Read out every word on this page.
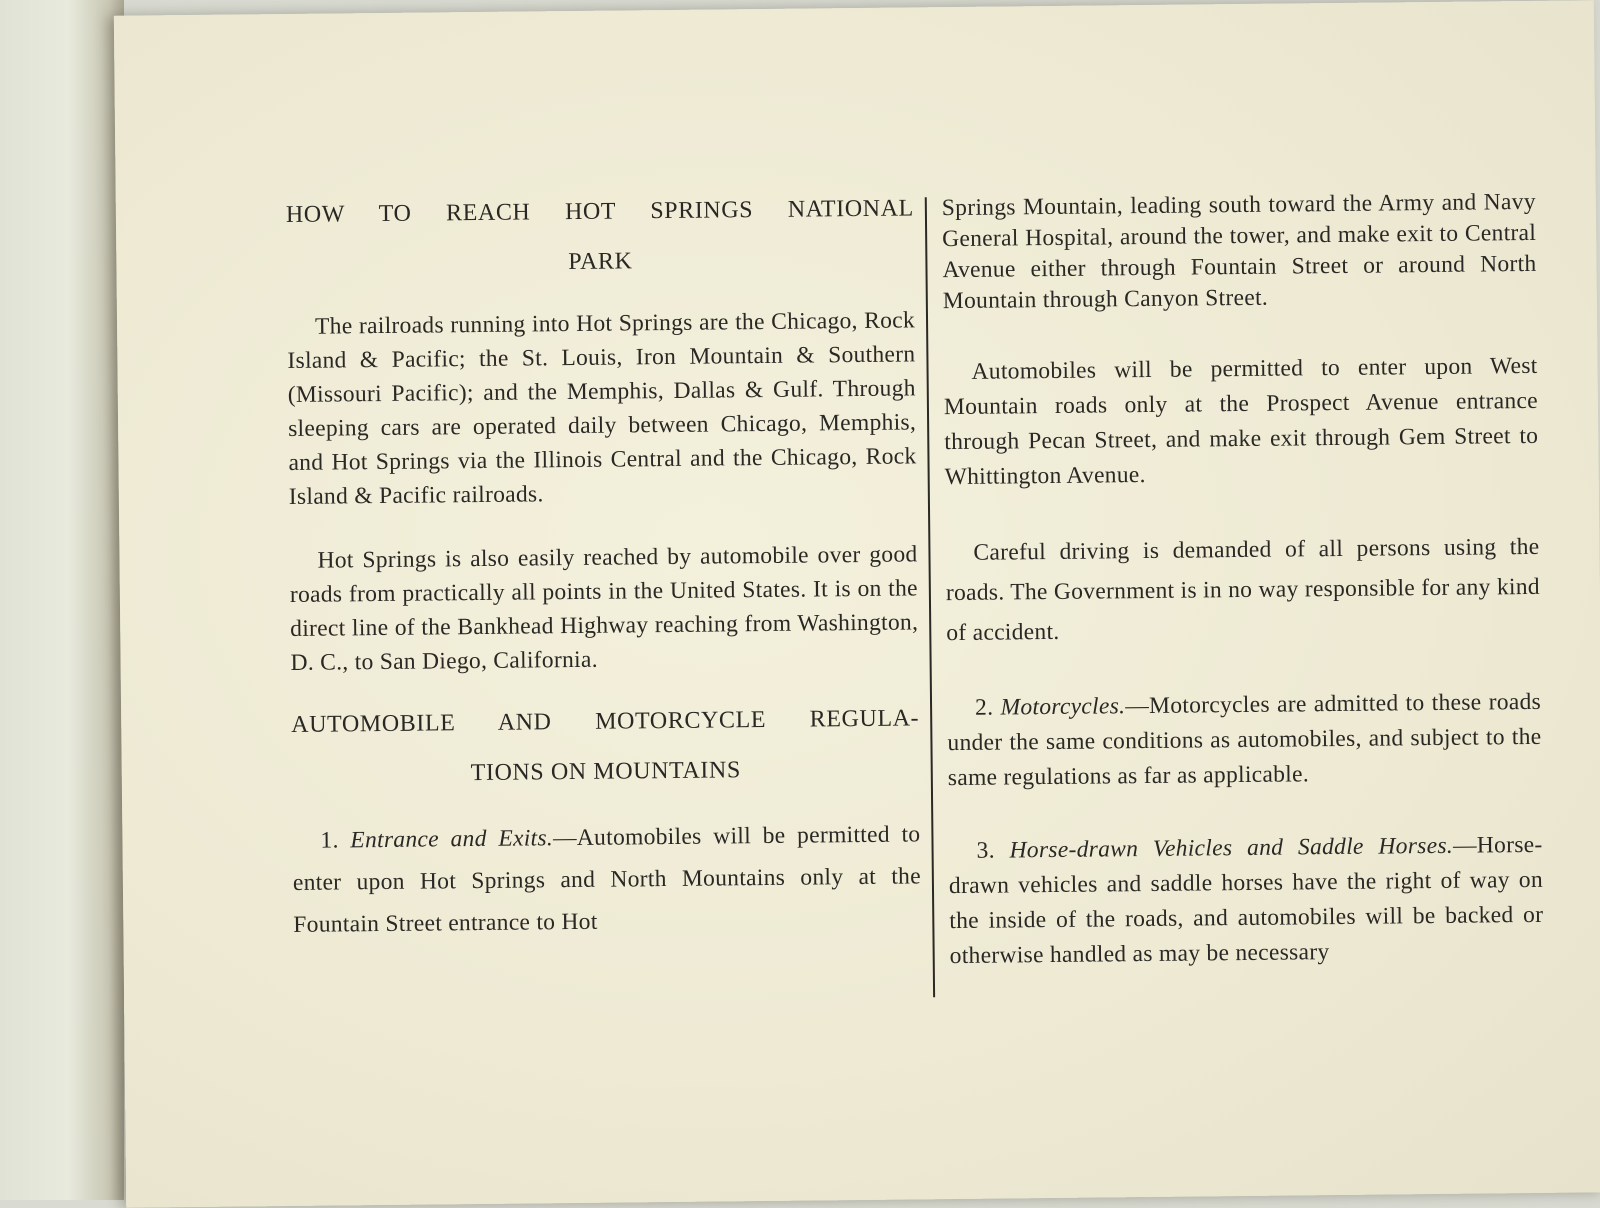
HOW TO REACH HOT SPRINGS NATIONAL
PARK

The railroads running into Hot Springs are the Chicago, Rock Island & Pacific; the St. Louis, Iron Mountain & Southern (Missouri Pacific); and the Memphis, Dallas & Gulf. Through sleeping cars are operated daily between Chicago, Memphis, and Hot Springs via the Illinois Central and the Chicago, Rock Island & Pacific railroads.

Hot Springs is also easily reached by automobile over good roads from practically all points in the United States. It is on the direct line of the Bankhead Highway reaching from Washington, D. C., to San Diego, California.

AUTOMOBILE AND MOTORCYCLE REGULA-
TIONS ON MOUNTAINS

1. Entrance and Exits.—Automobiles will be permitted to enter upon Hot Springs and North Mountains only at the Fountain Street entrance to Hot

Springs Mountain, leading south toward the Army and Navy General Hospital, around the tower, and make exit to Central Avenue either through Fountain Street or around North Mountain through Canyon Street.

Automobiles will be permitted to enter upon West Mountain roads only at the Prospect Avenue entrance through Pecan Street, and make exit through Gem Street to Whittington Avenue.

Careful driving is demanded of all persons using the roads. The Government is in no way responsible for any kind of accident.

2. Motorcycles.—Motorcycles are admitted to these roads under the same conditions as automobiles, and subject to the same regulations as far as applicable.

3. Horse-drawn Vehicles and Saddle Horses.—Horse-drawn vehicles and saddle horses have the right of way on the inside of the roads, and automobiles will be backed or otherwise handled as may be necessary
